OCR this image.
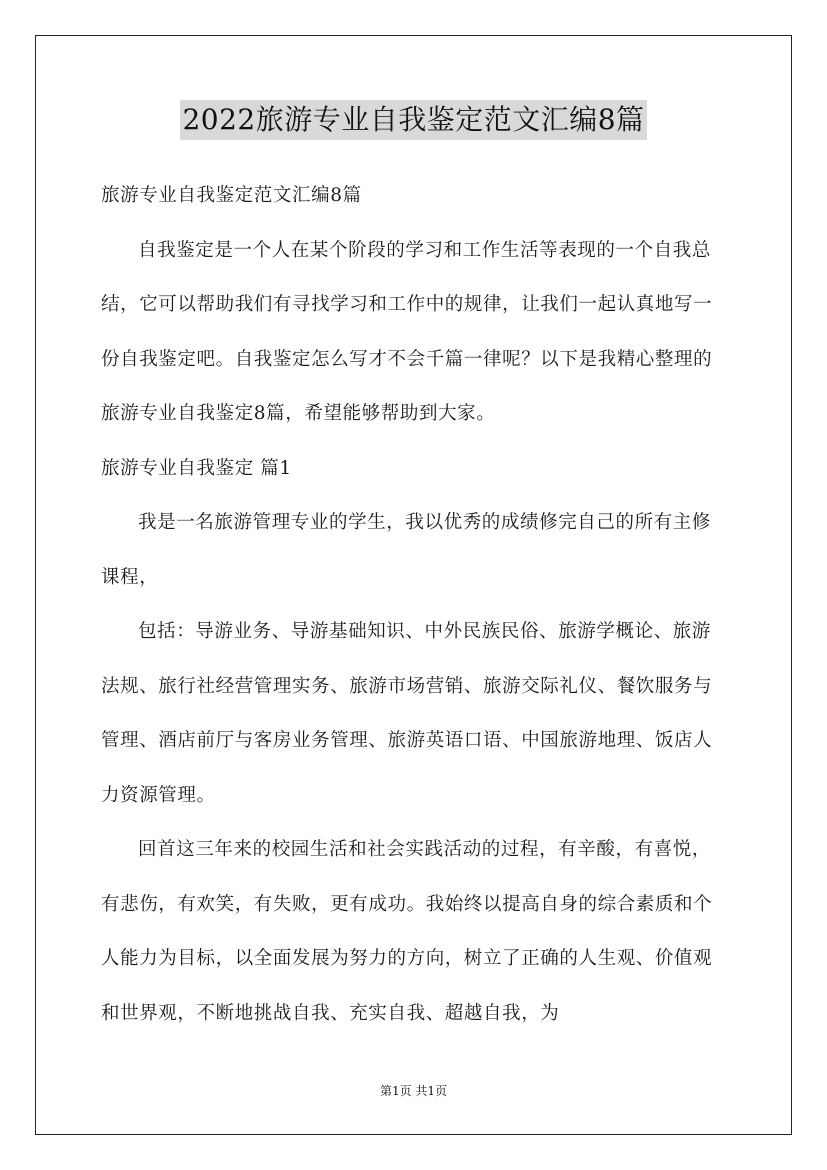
2022旅游专业自我鉴定范文汇编8篇

旅游专业自我鉴定范文汇编8篇

自我鉴定是一个人在某个阶段的学习和工作生活等表现的一个自我总结，它可以帮助我们有寻找学习和工作中的规律，让我们一起认真地写一份自我鉴定吧。自我鉴定怎么写才不会千篇一律呢？以下是我精心整理的旅游专业自我鉴定8篇，希望能够帮助到大家。

旅游专业自我鉴定 篇1

我是一名旅游管理专业的学生，我以优秀的成绩修完自己的所有主修课程，

包括：导游业务、导游基础知识、中外民族民俗、旅游学概论、旅游法规、旅行社经营管理实务、旅游市场营销、旅游交际礼仪、餐饮服务与管理、酒店前厅与客房业务管理、旅游英语口语、中国旅游地理、饭店人力资源管理。

回首这三年来的校园生活和社会实践活动的过程，有辛酸，有喜悦，有悲伤，有欢笑，有失败，更有成功。我始终以提高自身的综合素质和个人能力为目标，以全面发展为努力的方向，树立了正确的人生观、价值观和世界观，不断地挑战自我、充实自我、超越自我，为

第1页 共1页
